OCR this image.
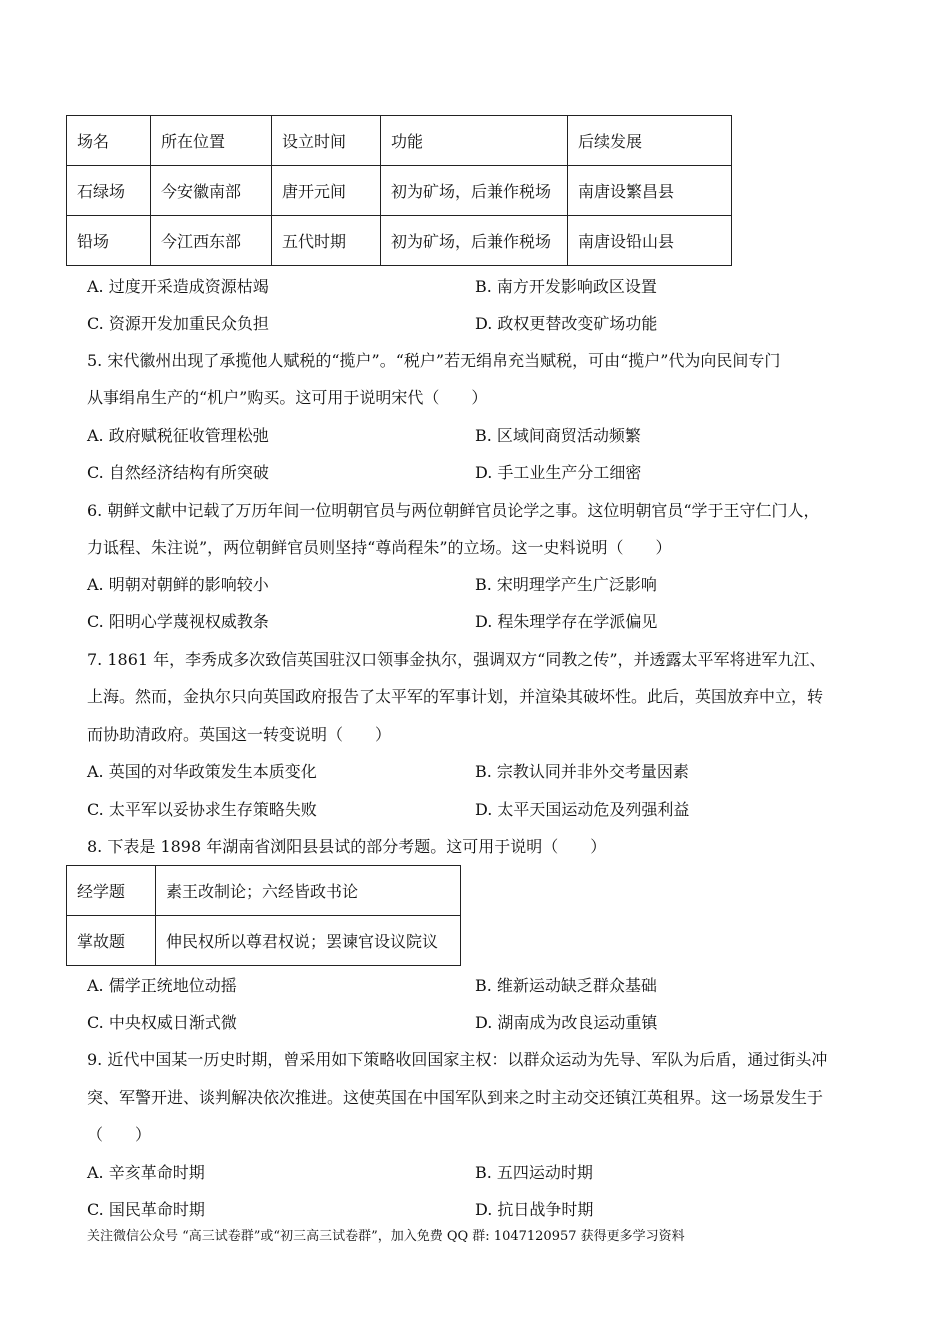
场名	所在位置	设立时间	功能	后续发展
石绿场	今安徽南部	唐开元间	初为矿场，后兼作税场	南唐设繁昌县
铅场	今江西东部	五代时期	初为矿场，后兼作税场	南唐设铅山县
A. 过度开采造成资源枯竭	B. 南方开发影响政区设置
C. 资源开发加重民众负担	D. 政权更替改变矿场功能
5. 宋代徽州出现了承揽他人赋税的“揽户”。“税户”若无绢帛充当赋税，可由“揽户”代为向民间专门
从事绢帛生产的“机户”购买。这可用于说明宋代（　　）
A. 政府赋税征收管理松弛	B. 区域间商贸活动频繁
C. 自然经济结构有所突破	D. 手工业生产分工细密
6. 朝鲜文献中记载了万历年间一位明朝官员与两位朝鲜官员论学之事。这位明朝官员“学于王守仁门人，
力诋程、朱注说”，两位朝鲜官员则坚持“尊尚程朱”的立场。这一史料说明（　　）
A. 明朝对朝鲜的影响较小	B. 宋明理学产生广泛影响
C. 阳明心学蔑视权威教条	D. 程朱理学存在学派偏见
7. 1861 年，李秀成多次致信英国驻汉口领事金执尔，强调双方“同教之传”，并透露太平军将进军九江、
上海。然而，金执尔只向英国政府报告了太平军的军事计划，并渲染其破坏性。此后，英国放弃中立，转
而协助清政府。英国这一转变说明（　　）
A. 英国的对华政策发生本质变化	B. 宗教认同并非外交考量因素
C. 太平军以妥协求生存策略失败	D. 太平天国运动危及列强利益
8. 下表是 1898 年湖南省浏阳县县试的部分考题。这可用于说明（　　）
经学题	素王改制论；六经皆政书论
掌故题	伸民权所以尊君权说；罢谏官设议院议
A. 儒学正统地位动摇	B. 维新运动缺乏群众基础
C. 中央权威日渐式微	D. 湖南成为改良运动重镇
9. 近代中国某一历史时期，曾采用如下策略收回国家主权：以群众运动为先导、军队为后盾，通过街头冲
突、军警开进、谈判解决依次推进。这使英国在中国军队到来之时主动交还镇江英租界。这一场景发生于
（　　）
A. 辛亥革命时期	B. 五四运动时期
C. 国民革命时期	D. 抗日战争时期
关注微信公众号 “高三试卷群”或“初三高三试卷群”，加入免费 QQ 群: 1047120957 获得更多学习资料
